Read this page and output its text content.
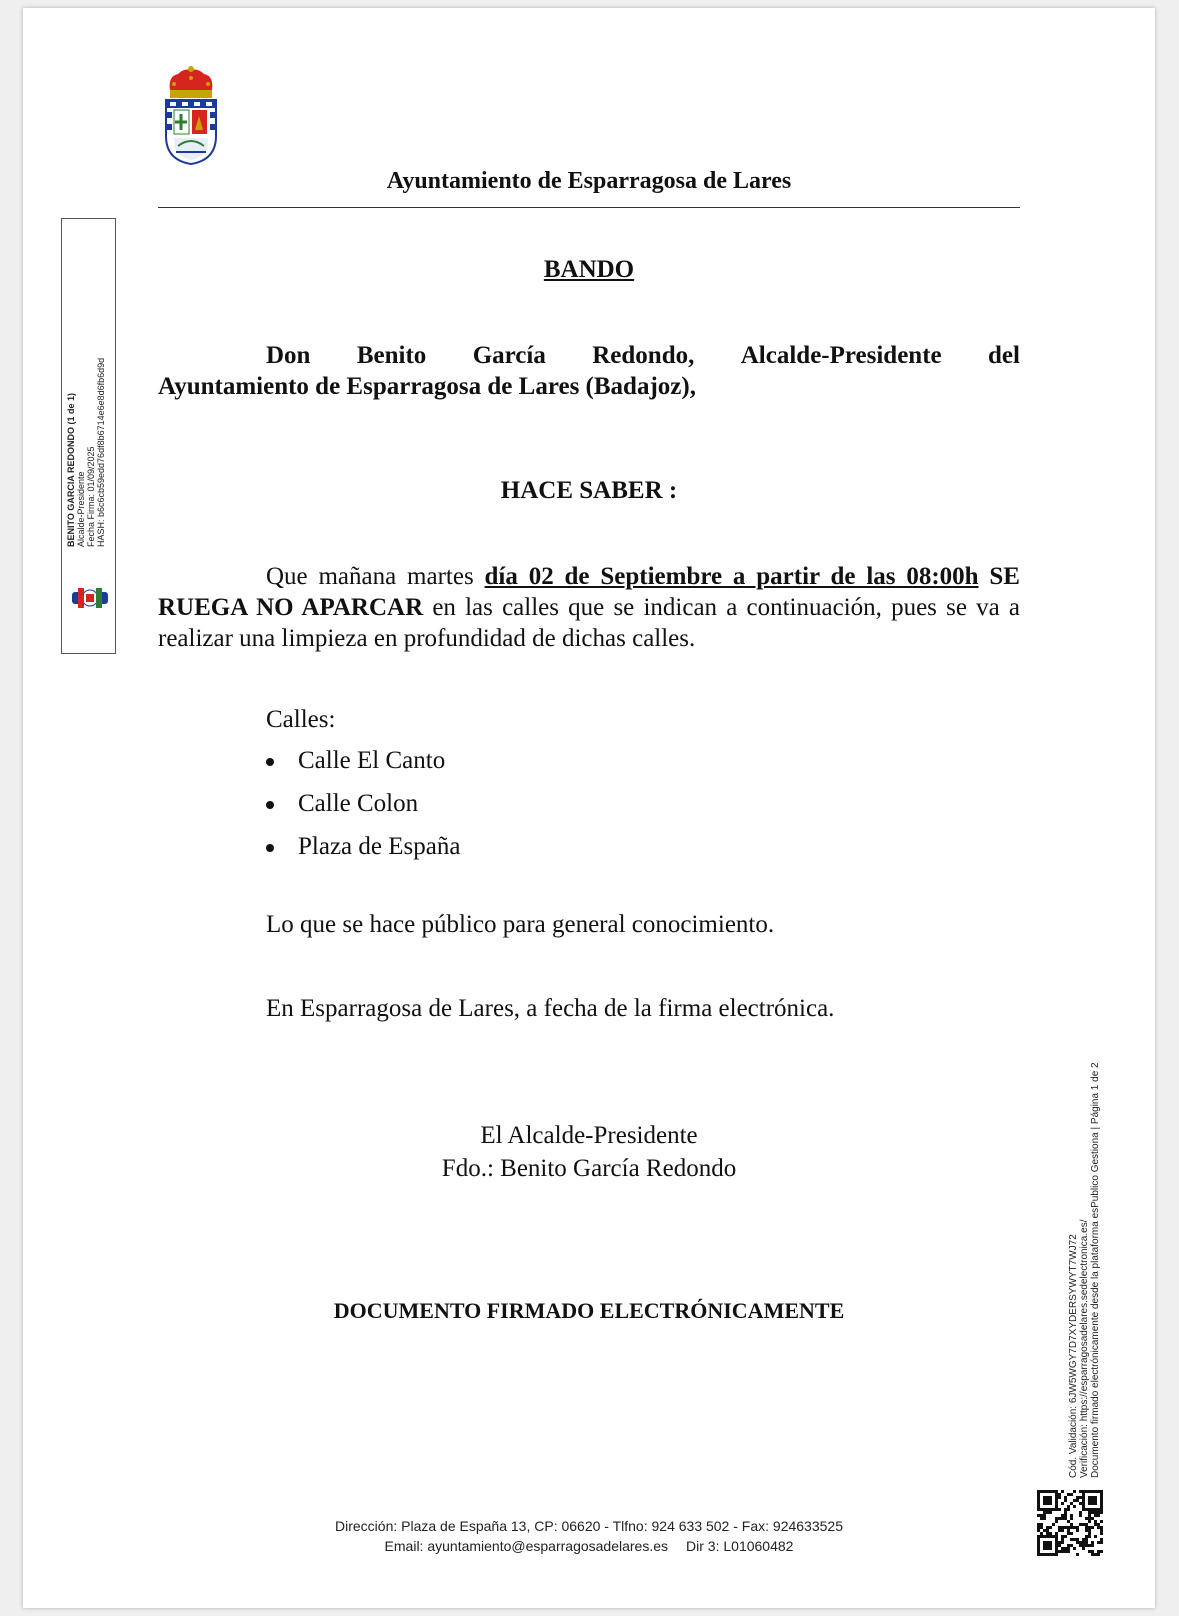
Ayuntamiento de Esparragosa de Lares
BENITO GARCIA REDONDO (1 de 1) Alcalde-Presidente Fecha Firma: 01/09/2025 HASH: b6c6cb59edd76df8b6714e6e8d6fb6d9d
BANDO
Don Benito García Redondo, Alcalde-Presidente del
Ayuntamiento de Esparragosa de Lares (Badajoz),
HACE SABER :
Que mañana martes día 02 de Septiembre a partir de las 08:00h SE RUEGA NO APARCAR en las calles que se indican a continuación, pues se va a realizar una limpieza en profundidad de dichas calles.
Calles:
Calle El Canto
Calle Colon
Plaza de España
Lo que se hace público para general conocimiento.
En Esparragosa de Lares, a fecha de la firma electrónica.
El Alcalde-Presidente
Fdo.: Benito García Redondo
DOCUMENTO FIRMADO ELECTRÓNICAMENTE
Dirección: Plaza de España 13, CP: 06620 - Tlfno: 924 633 502 - Fax: 924633525
Email: ayuntamiento@esparragosadelares.es Dir 3: L01060482
Cód. Validación: 6JW5WGY7D7XYDERSYWYT7WJ72 Verificación: https://esparragosadelares.sedelectronica.es/ Documento firmado electrónicamente desde la plataforma esPublico Gestiona | Página 1 de 2
